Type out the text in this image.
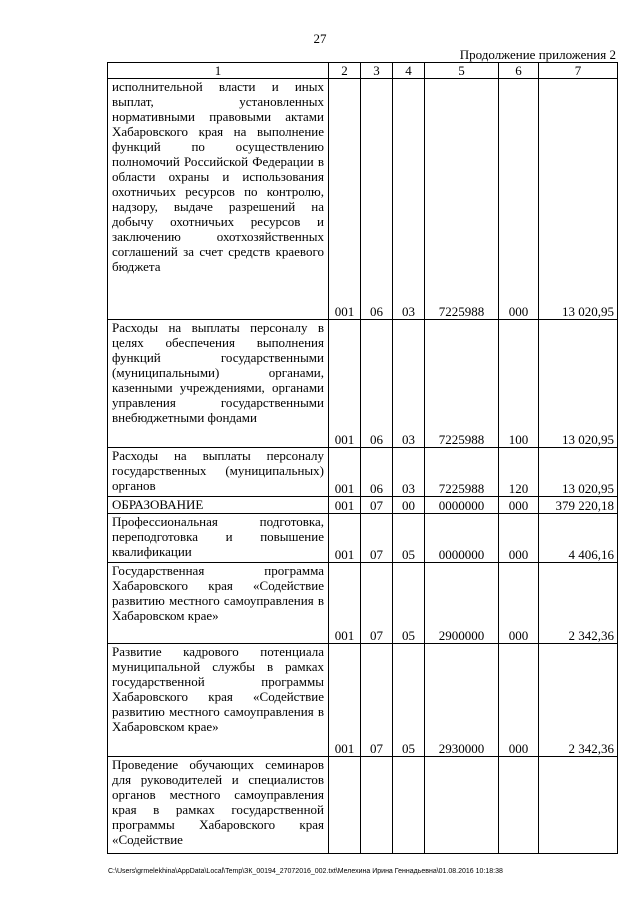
27
Продолжение приложения 2
1	2	3	4	5	6	7

исполнительной власти и иных выплат, установленных нормативными правовыми актами Хабаровского края на выполнение функций по осуществлению полномочий Российской Федерации в области охраны и использования охотничьих ресурсов по контролю, надзору, выдаче разрешений на добычу охотничьих ресурсов и заключению охотхозяйственных соглашений за счет средств краевого бюджета	001	06	03	7225988	000	13 020,95

Расходы на выплаты персоналу в целях обеспечения выполнения функций государственными (муниципальными) органами, казенными учреждениями, органами управления государственными внебюджетными фондами	001	06	03	7225988	100	13 020,95

Расходы на выплаты персоналу государственных (муниципальных) органов	001	06	03	7225988	120	13 020,95

ОБРАЗОВАНИЕ	001	07	00	0000000	000	379 220,18

Профессиональная подготовка, переподготовка и повышение квалификации	001	07	05	0000000	000	4 406,16

Государственная программа Хабаровского края «Содействие развитию местного самоуправления в Хабаровском крае»	001	07	05	2900000	000	2 342,36

Развитие кадрового потенциала муниципальной службы в рамках государственной программы Хабаровского края «Содействие развитию местного самоуправления в Хабаровском крае»	001	07	05	2930000	000	2 342,36

Проведение обучающих семинаров для руководителей и специалистов органов местного самоуправления края в рамках государственной программы Хабаровского края «Содействие						

C:\Users\grmelekhina\AppData\Local\Temp\ЗК_00194_27072016_002.txt\Мелехина Ирина Геннадьевна\01.08.2016 10:18:38
